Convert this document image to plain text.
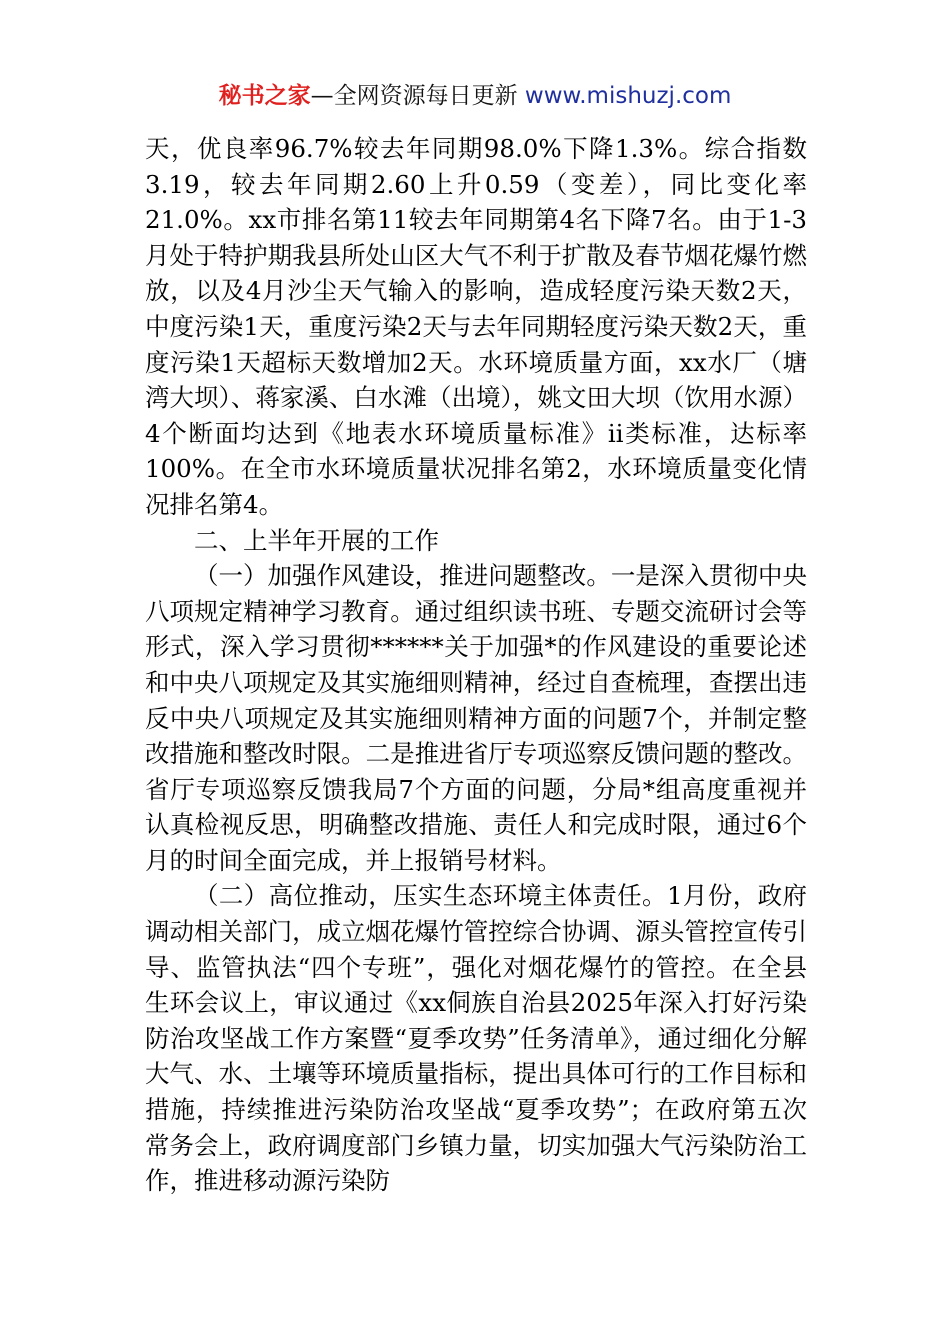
秘书之家—全网资源每日更新 www.mishuzj.com

天，优良率96.7%较去年同期98.0%下降1.3%。综合指数3.19，较去年同期2.60上升0.59（变差），同比变化率21.0%。xx市排名第11较去年同期第4名下降7名。由于1-3月处于特护期我县所处山区大气不利于扩散及春节烟花爆竹燃放，以及4月沙尘天气输入的影响，造成轻度污染天数2天，中度污染1天，重度污染2天与去年同期轻度污染天数2天，重度污染1天超标天数增加2天。水环境质量方面，xx水厂（塘湾大坝）、蒋家溪、白水滩（出境），姚文田大坝（饮用水源）4个断面均达到《地表水环境质量标准》ⅱ类标准，达标率100%。在全市水环境质量状况排名第2，水环境质量变化情况排名第4。

二、上半年开展的工作

（一）加强作风建设，推进问题整改。一是深入贯彻中央八项规定精神学习教育。通过组织读书班、专题交流研讨会等形式，深入学习贯彻******关于加强*的作风建设的重要论述和中央八项规定及其实施细则精神，经过自查梳理，查摆出违反中央八项规定及其实施细则精神方面的问题7个，并制定整改措施和整改时限。二是推进省厅专项巡察反馈问题的整改。省厅专项巡察反馈我局7个方面的问题，分局*组高度重视并认真检视反思，明确整改措施、责任人和完成时限，通过6个月的时间全面完成，并上报销号材料。

（二）高位推动，压实生态环境主体责任。1月份，政府调动相关部门，成立烟花爆竹管控综合协调、源头管控宣传引导、监管执法“四个专班”，强化对烟花爆竹的管控。在全县生环会议上，审议通过《xx侗族自治县2025年深入打好污染防治攻坚战工作方案暨“夏季攻势”任务清单》，通过细化分解大气、水、土壤等环境质量指标，提出具体可行的工作目标和措施，持续推进污染防治攻坚战“夏季攻势”；在政府第五次常务会上，政府调度部门乡镇力量，切实加强大气污染防治工作，推进移动源污染防
